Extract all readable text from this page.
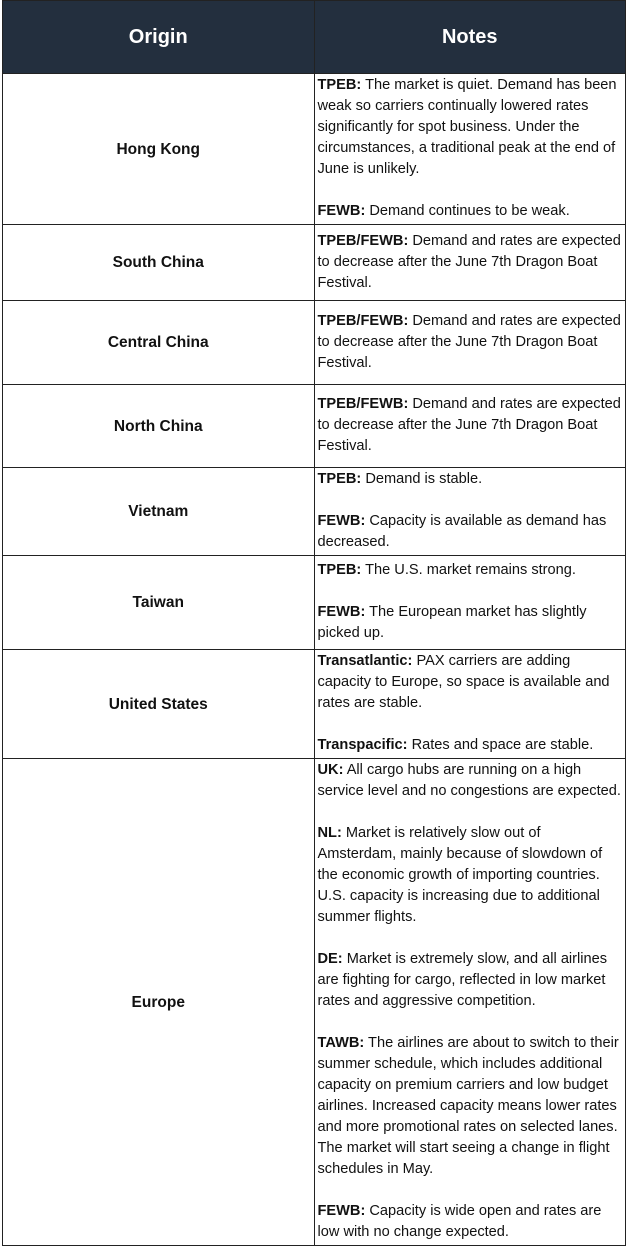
Origin	Notes
Hong Kong	TPEB: The market is quiet. Demand has been weak so carriers continually lowered rates significantly for spot business. Under the circumstances, a traditional peak at the end of June is unlikely.

FEWB: Demand continues to be weak.

South China	TPEB/FEWB: Demand and rates are expected to decrease after the June 7th Dragon Boat Festival.

Central China	TPEB/FEWB: Demand and rates are expected to decrease after the June 7th Dragon Boat Festival.

North China	TPEB/FEWB: Demand and rates are expected to decrease after the June 7th Dragon Boat Festival.

Vietnam	TPEB: Demand is stable.

FEWB: Capacity is available as demand has decreased.

Taiwan	TPEB: The U.S. market remains strong.

FEWB: The European market has slightly picked up.

United States	Transatlantic: PAX carriers are adding capacity to Europe, so space is available and rates are stable.

Transpacific: Rates and space are stable.

Europe	UK: All cargo hubs are running on a high service level and no congestions are expected.

NL: Market is relatively slow out of Amsterdam, mainly because of slowdown of the economic growth of importing countries. U.S. capacity is increasing due to additional summer flights.

DE: Market is extremely slow, and all airlines are fighting for cargo, reflected in low market rates and aggressive competition.

TAWB: The airlines are about to switch to their summer schedule, which includes additional capacity on premium carriers and low budget airlines. Increased capacity means lower rates and more promotional rates on selected lanes. The market will start seeing a change in flight schedules in May.

FEWB: Capacity is wide open and rates are low with no change expected.
